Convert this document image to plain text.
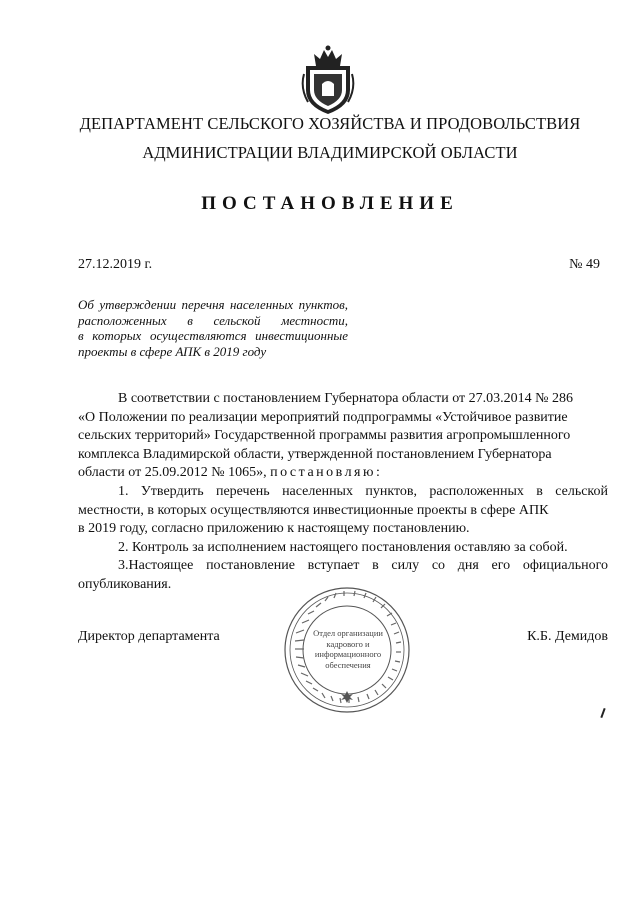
ДЕПАРТАМЕНТ СЕЛЬСКОГО ХОЗЯЙСТВА И ПРОДОВОЛЬСТВИЯ
АДМИНИСТРАЦИИ ВЛАДИМИРСКОЙ ОБЛАСТИ
ПОСТАНОВЛЕНИЕ
27.12.2019 г.	№ 49
Об утверждении перечня населенных пунктов,
расположенных в сельской местности,
в которых осуществляются инвестиционные
проекты в сфере АПК в 2019 году
В соответствии с постановлением Губернатора области от 27.03.2014 № 286
«О Положении по реализации мероприятий подпрограммы «Устойчивое развитие
сельских территорий» Государственной программы развития агропромышленного
комплекса Владимирской области, утвержденной постановлением Губернатора
области от 25.09.2012 № 1065», постановляю:
1. Утвердить перечень населенных пунктов, расположенных в сельской
местности, в которых осуществляются инвестиционные проекты в сфере АПК
в 2019 году, согласно приложению к настоящему постановлению.
2. Контроль за исполнением настоящего постановления оставляю за собой.
3.Настоящее постановление вступает в силу со дня его официального
опубликования.
Отдел организации
кадрового и
информационного
обеспечения
Директор департамента	К.Б. Демидов
